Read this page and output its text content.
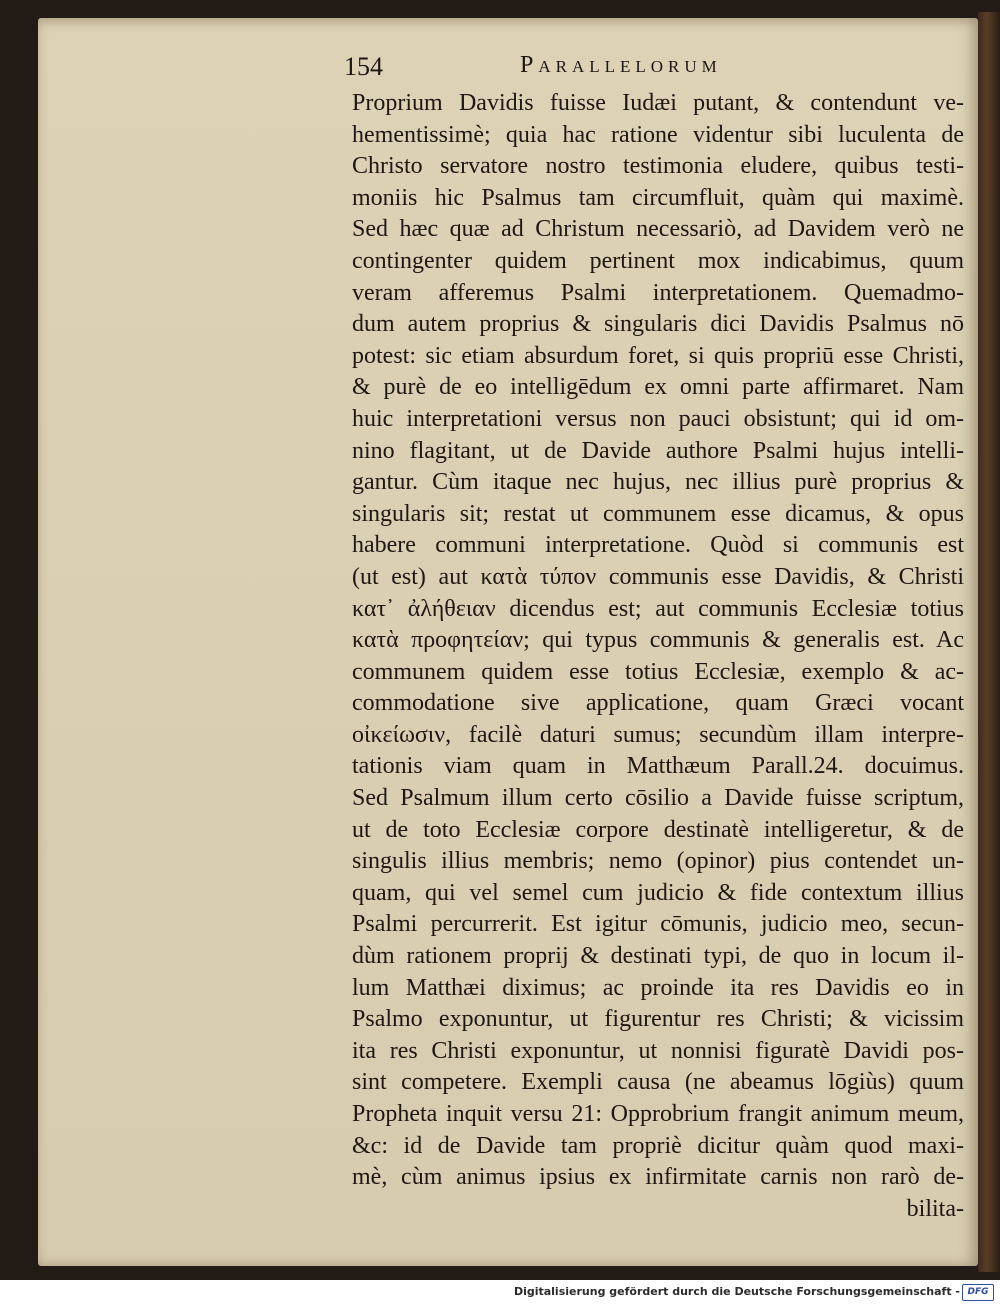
154	Parallelorum
Proprium Davidis fuisse Iudæi putant, & contendunt ve-
hementissimè; quia hac ratione videntur sibi luculenta de
Christo servatore nostro testimonia eludere, quibus testi-
moniis hic Psalmus tam circumfluit, quàm qui maximè.
Sed hæc quæ ad Christum necessariò, ad Davidem verò ne
contingenter quidem pertinent mox indicabimus, quum
veram afferemus Psalmi interpretationem. Quemadmo-
dum autem proprius & singularis dici Davidis Psalmus nō
potest: sic etiam absurdum foret, si quis propriū esse Christi,
& purè de eo intelligēdum ex omni parte affirmaret. Nam
huic interpretationi versus non pauci obsistunt; qui id om-
nino flagitant, ut de Davide authore Psalmi hujus intelli-
gantur. Cùm itaque nec hujus, nec illius purè proprius &
singularis sit; restat ut communem esse dicamus, & opus
habere communi interpretatione. Quòd si communis est
(ut est) aut κατὰ τύπον communis esse Davidis, & Christi
κατ᾽ ἀλήθειαν dicendus est; aut communis Ecclesiæ totius
κατὰ προφητείαν; qui typus communis & generalis est. Ac
communem quidem esse totius Ecclesiæ, exemplo & ac-
commodatione sive applicatione, quam Græci vocant
οἰκείωσιν, facilè daturi sumus; secundùm illam interpre-
tationis viam quam in Matthæum Parall.24. docuimus.
Sed Psalmum illum certo cōsilio a Davide fuisse scriptum,
ut de toto Ecclesiæ corpore destinatè intelligeretur, & de
singulis illius membris; nemo (opinor) pius contendet un-
quam, qui vel semel cum judicio & fide contextum illius
Psalmi percurrerit. Est igitur cōmunis, judicio meo, secun-
dùm rationem proprij & destinati typi, de quo in locum il-
lum Matthæi diximus; ac proinde ita res Davidis eo in
Psalmo exponuntur, ut figurentur res Christi; & vicissim
ita res Christi exponuntur, ut nonnisi figuratè Davidi pos-
sint competere. Exempli causa (ne abeamus lōgiùs) quum
Propheta inquit versu 21: Opprobrium frangit animum meum,
&c: id de Davide tam propriè dicitur quàm quod maxi-
mè, cùm animus ipsius ex infirmitate carnis non rarò de-
bilita-
Digitalisierung gefördert durch die Deutsche Forschungsgemeinschaft - DFG
